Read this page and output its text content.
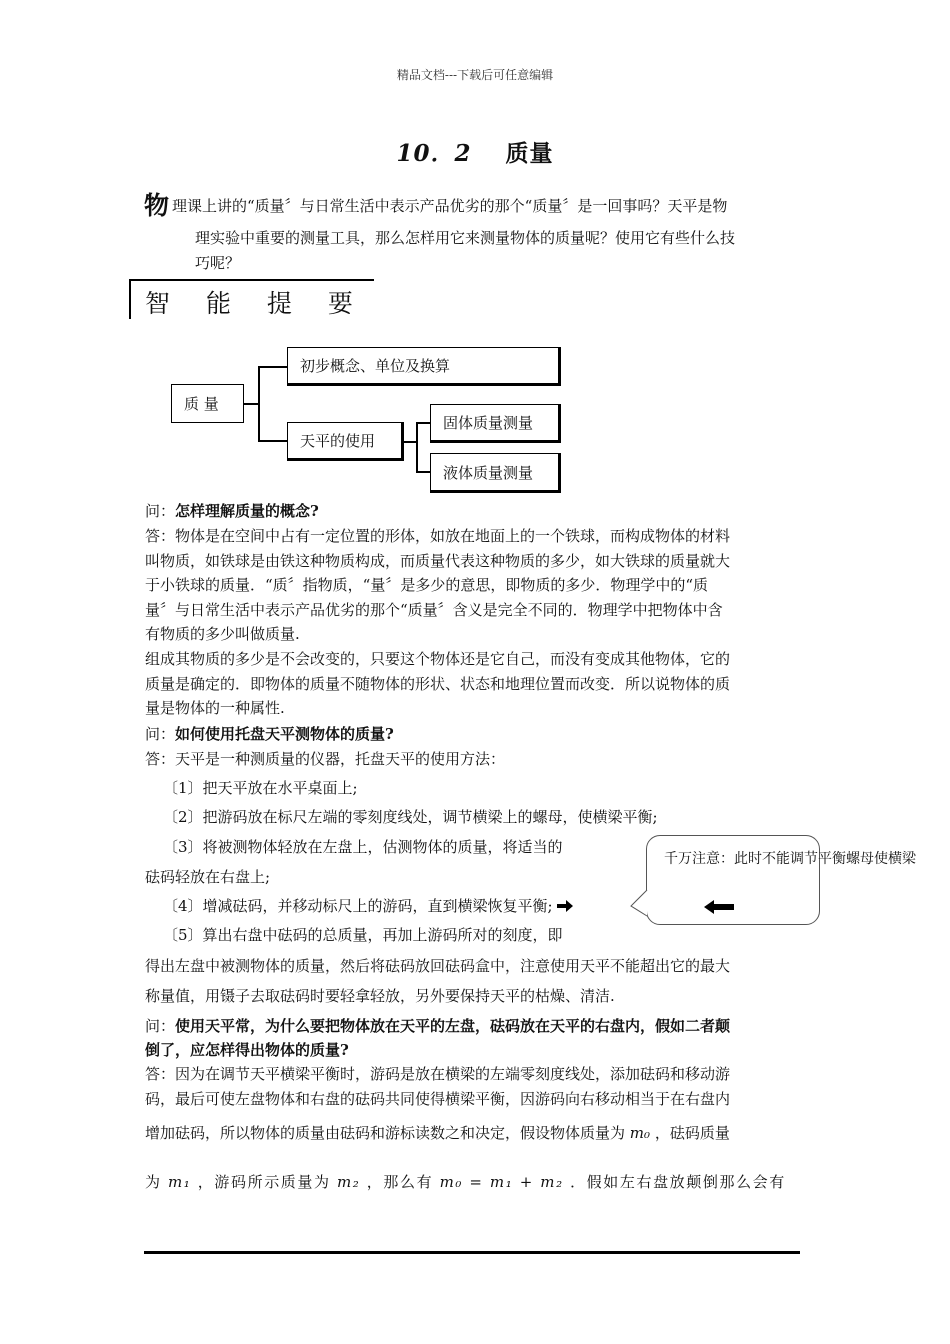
精品文档---下载后可任意编辑
10．2 质量
物 理课上讲的“质量〞与日常生活中表示产品优劣的那个“质量〞是一回事吗？天平是物
理实验中重要的测量工具，那么怎样用它来测量物体的质量呢？使用它有些什么技
巧呢？
智 能 提 要
质 量
初步概念、单位及换算
天平的使用
固体质量测量
液体质量测量
问：怎样理解质量的概念?
答：物体是在空间中占有一定位置的形体，如放在地面上的一个铁球，而构成物体的材料
叫物质，如铁球是由铁这种物质构成，而质量代表这种物质的多少，如大铁球的质量就大
于小铁球的质量．“质〞指物质，“量〞是多少的意思，即物质的多少．物理学中的“质
量〞与日常生活中表示产品优劣的那个“质量〞含义是完全不同的．物理学中把物体中含
有物质的多少叫做质量.
组成其物质的多少是不会改变的，只要这个物体还是它自己，而没有变成其他物体，它的
质量是确定的．即物体的质量不随物体的形状、状态和地理位置而改变．所以说物体的质
量是物体的一种属性.
问：如何使用托盘天平测物体的质量?
答：天平是一种测质量的仪器，托盘天平的使用方法：
〔1〕把天平放在水平桌面上;
〔2〕把游码放在标尺左端的零刻度线处，调节横梁上的螺母，使横梁平衡;
〔3〕将被测物体轻放在左盘上，估测物体的质量，将适当的
砝码轻放在右盘上;
〔4〕增减砝码，并移动标尺上的游码，直到横梁恢复平衡;
〔5〕算出右盘中砝码的总质量，再加上游码所对的刻度，即
得出左盘中被测物体的质量，然后将砝码放回砝码盒中，注意使用天平不能超出它的最大
称量值，用镊子去取砝码时要轻拿轻放，另外要保持天平的枯燥、清洁.
千万注意：此时不能调节平衡螺母使横梁
问：使用天平常，为什么要把物体放在天平的左盘，砝码放在天平的右盘内，假如二者颠
倒了，应怎样得出物体的质量?
答：因为在调节天平横梁平衡时，游码是放在横梁的左端零刻度线处，添加砝码和移动游
码，最后可使左盘物体和右盘的砝码共同使得横梁平衡，因游码向右移动相当于在右盘内
增加砝码，所以物体的质量由砝码和游标读数之和决定，假设物体质量为 m₀ ，砝码质量
为 m₁ ，游码所示质量为 m₂ ，那么有 m₀ = m₁ + m₂ ．假如左右盘放颠倒那么会有
